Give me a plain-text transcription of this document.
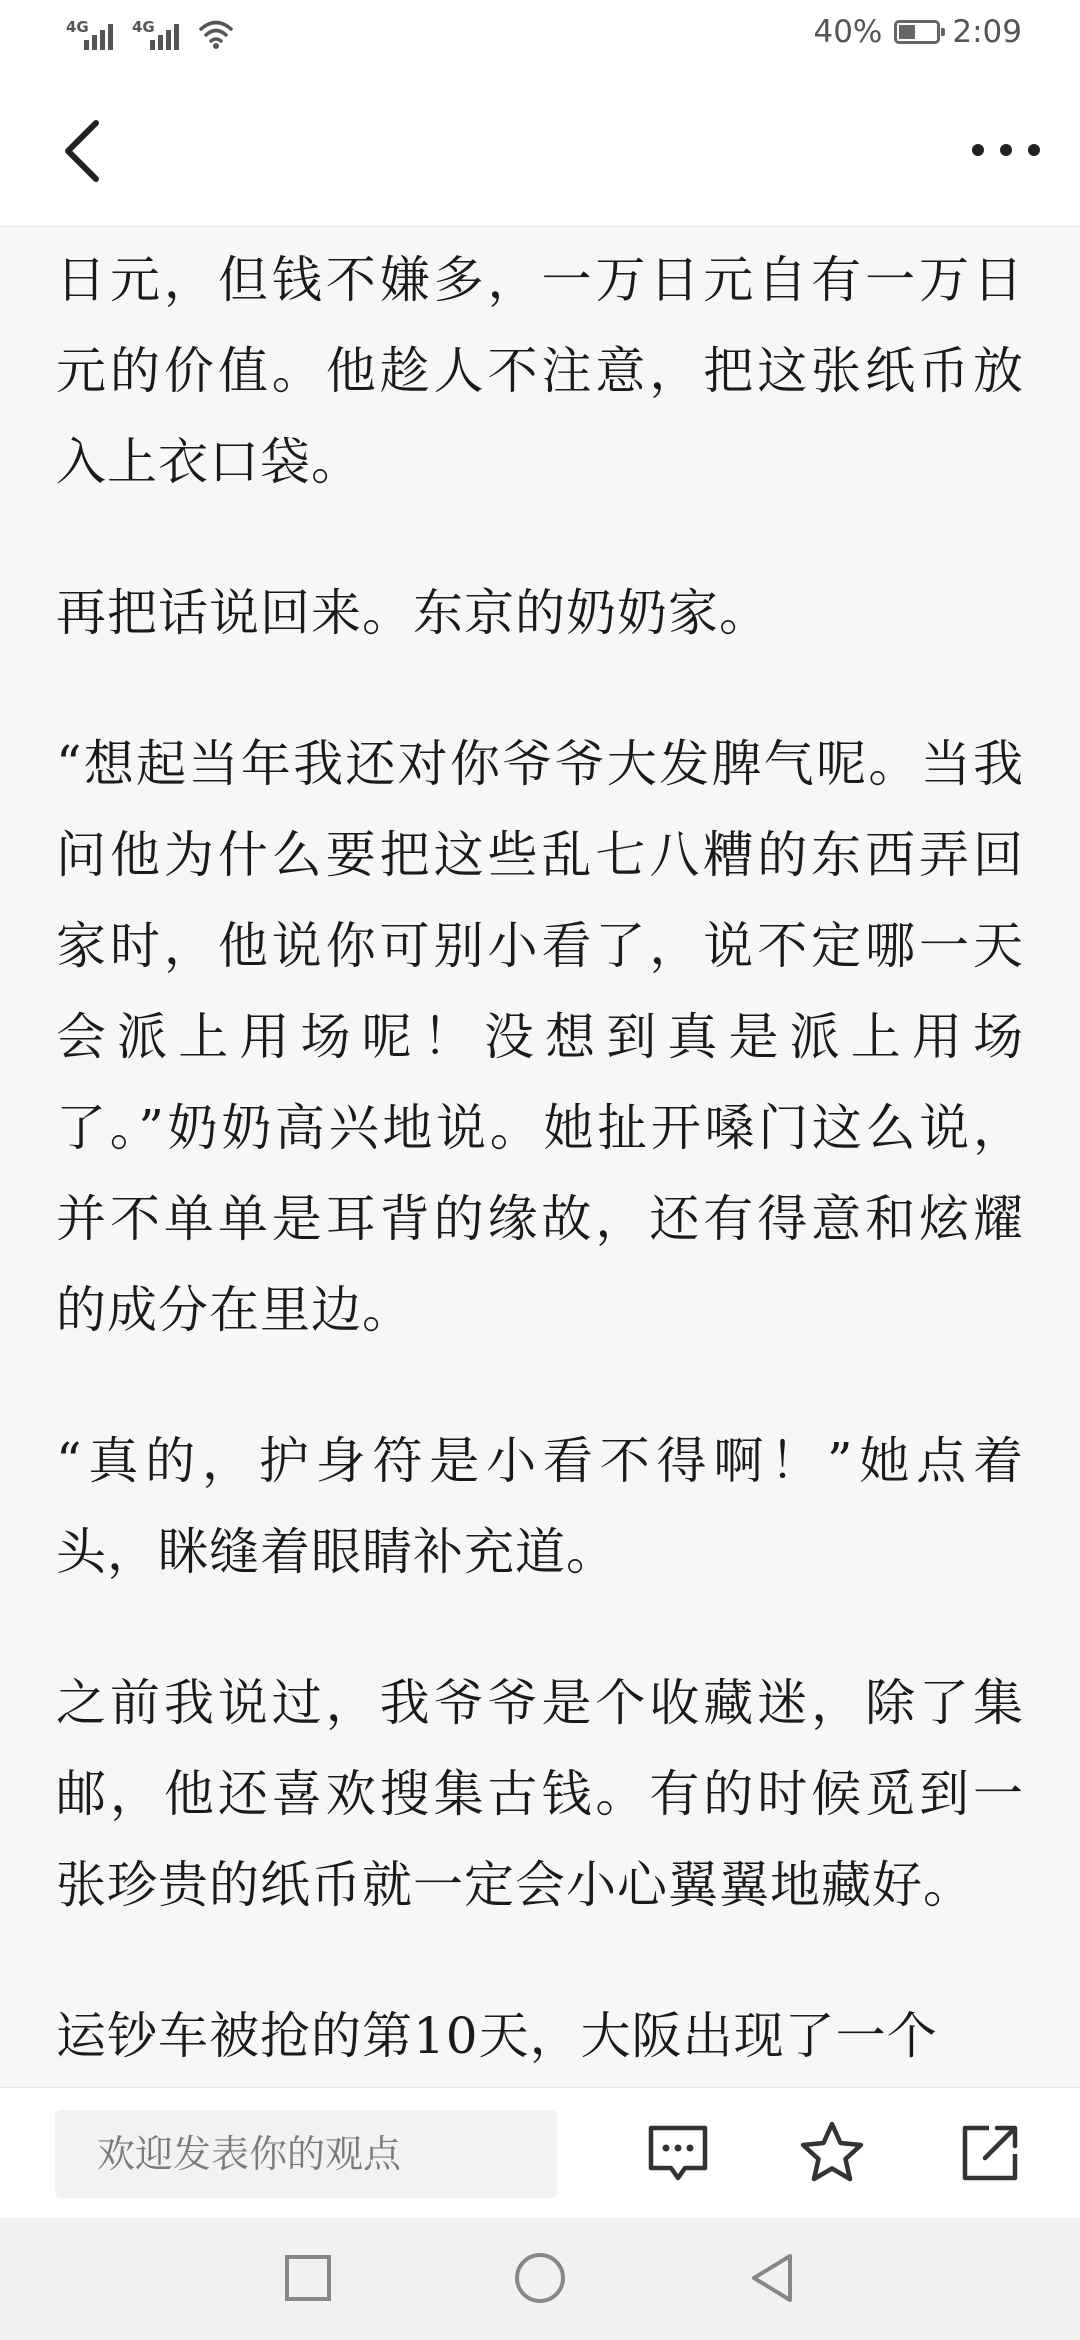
4G	4G	40% 2:09

日元，但钱不嫌多，一万日元自有一万日元的价值。他趁人不注意，把这张纸币放入上衣口袋。

再把话说回来。东京的奶奶家。

“想起当年我还对你爷爷大发脾气呢。当我问他为什么要把这些乱七八糟的东西弄回家时，他说你可别小看了，说不定哪一天会派上用场呢！没想到真是派上用场了。”奶奶高兴地说。她扯开嗓门这么说，并不单单是耳背的缘故，还有得意和炫耀的成分在里边。

“真的，护身符是小看不得啊！”她点着头，眯缝着眼睛补充道。

之前我说过，我爷爷是个收藏迷，除了集邮，他还喜欢搜集古钱。有的时候觅到一张珍贵的纸币就一定会小心翼翼地藏好。

运钞车被抢的第10天，大阪出现了一个

欢迎发表你的观点
